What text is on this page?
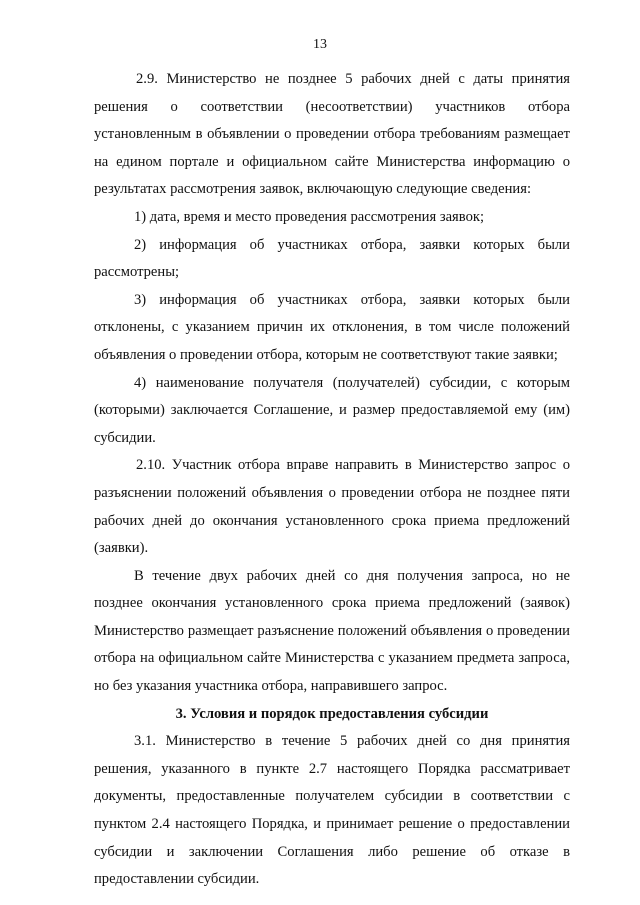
13

2.9. Министерство не позднее 5 рабочих дней с даты принятия решения о соответствии (несоответствии) участников отбора установленным в объявлении о проведении отбора требованиям размещает на едином портале и официальном сайте Министерства информацию о результатах рассмотрения заявок, включающую следующие сведения:

1) дата, время и место проведения рассмотрения заявок;

2) информация об участниках отбора, заявки которых были рассмотрены;

3) информация об участниках отбора, заявки которых были отклонены, с указанием причин их отклонения, в том числе положений объявления о проведении отбора, которым не соответствуют такие заявки;

4) наименование получателя (получателей) субсидии, с которым (которыми) заключается Соглашение, и размер предоставляемой ему (им) субсидии.

2.10. Участник отбора вправе направить в Министерство запрос о разъяснении положений объявления о проведении отбора не позднее пяти рабочих дней до окончания установленного срока приема предложений (заявки).

В течение двух рабочих дней со дня получения запроса, но не позднее окончания установленного срока приема предложений (заявок) Министерство размещает разъяснение положений объявления о проведении отбора на официальном сайте Министерства с указанием предмета запроса, но без указания участника отбора, направившего запрос.

3. Условия и порядок предоставления субсидии

3.1. Министерство в течение 5 рабочих дней со дня принятия решения, указанного в пункте 2.7 настоящего Порядка рассматривает документы, предоставленные получателем субсидии в соответствии с пунктом 2.4 настоящего Порядка, и принимает решение о предоставлении субсидии и заключении Соглашения либо решение об отказе в предоставлении субсидии.
